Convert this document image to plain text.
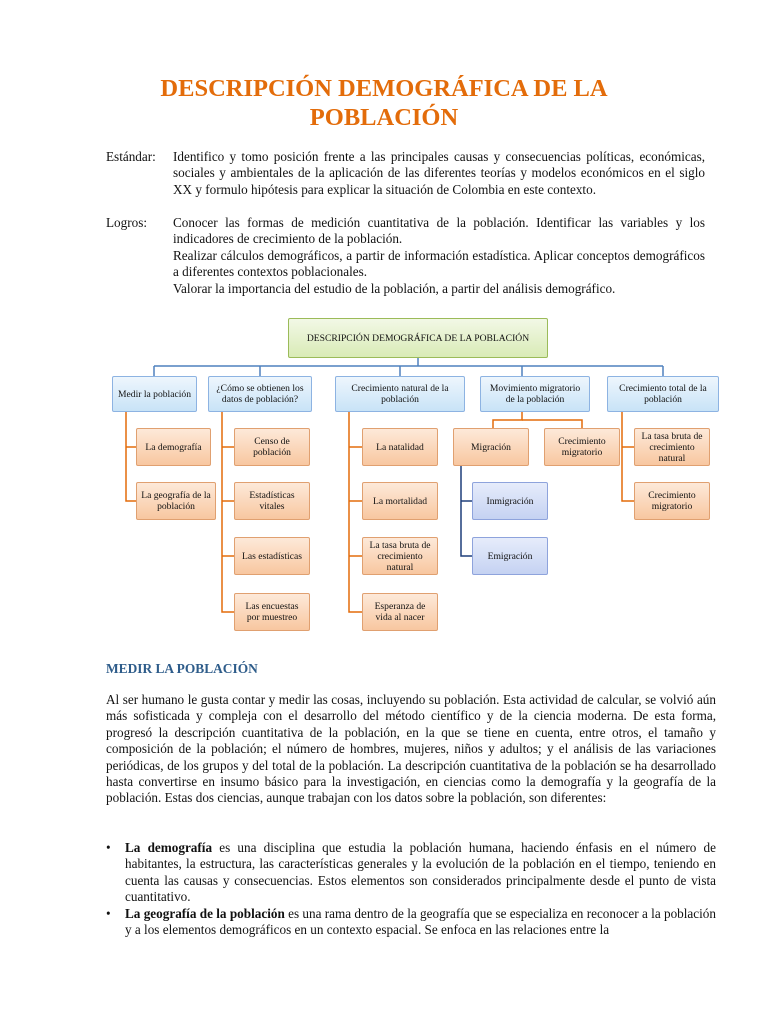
DESCRIPCIÓN DEMOGRÁFICA DE LA
POBLACIÓN
Estándar: Identifico y tomo posición frente a las principales causas y consecuencias políticas, económicas, sociales y ambientales de la aplicación de las diferentes teorías y modelos económicos en el siglo XX y formulo hipótesis para explicar la situación de Colombia en este contexto.

Logros: Conocer las formas de medición cuantitativa de la población. Identificar las variables y los indicadores de crecimiento de la población.

Realizar cálculos demográficos, a partir de información estadística. Aplicar conceptos demográficos a diferentes contextos poblacionales.

Valorar la importancia del estudio de la población, a partir del análisis demográfico.

DESCRIPCIÓN DEMOGRÁFICA DE LA POBLACIÓN
Medir la población	¿Cómo se obtienen los datos de población?
Crecimiento natural de la población
Movimiento migratorio de la población
Crecimiento total de la población
La demografía
La geografía de la población
Censo de población
Estadísticas vitales
Las estadísticas
Las encuestas por muestreo
La natalidad
La mortalidad
La tasa bruta de crecimiento natural
Esperanza de vida al nacer
Migración	Crecimiento migratorio
Inmigración
Emigración
La tasa bruta de crecimiento natural
Crecimiento migratorio
MEDIR LA POBLACIÓN

Al ser humano le gusta contar y medir las cosas, incluyendo su población. Esta actividad de calcular, se volvió aún más sofisticada y compleja con el desarrollo del método científico y de la ciencia moderna. De esta forma, progresó la descripción cuantitativa de la población, en la que se tiene en cuenta, entre otros, el tamaño y composición de la población; el número de hombres, mujeres, niños y adultos; y el análisis de las variaciones periódicas, de los grupos y del total de la población. La descripción cuantitativa de la población se ha desarrollado hasta convertirse en insumo básico para la investigación, en ciencias como la demografía y la geografía de la población. Estas dos ciencias, aunque trabajan con los datos sobre la población, son diferentes:

• La demografía es una disciplina que estudia la población humana, haciendo énfasis en el número de habitantes, la estructura, las características generales y la evolución de la población en el tiempo, teniendo en cuenta las causas y consecuencias. Estos elementos son considerados principalmente desde el punto de vista cuantitativo.

• La geografía de la población es una rama dentro de la geografía que se especializa en reconocer a la población y a los elementos demográficos en un contexto espacial. Se enfoca en las relaciones entre la
